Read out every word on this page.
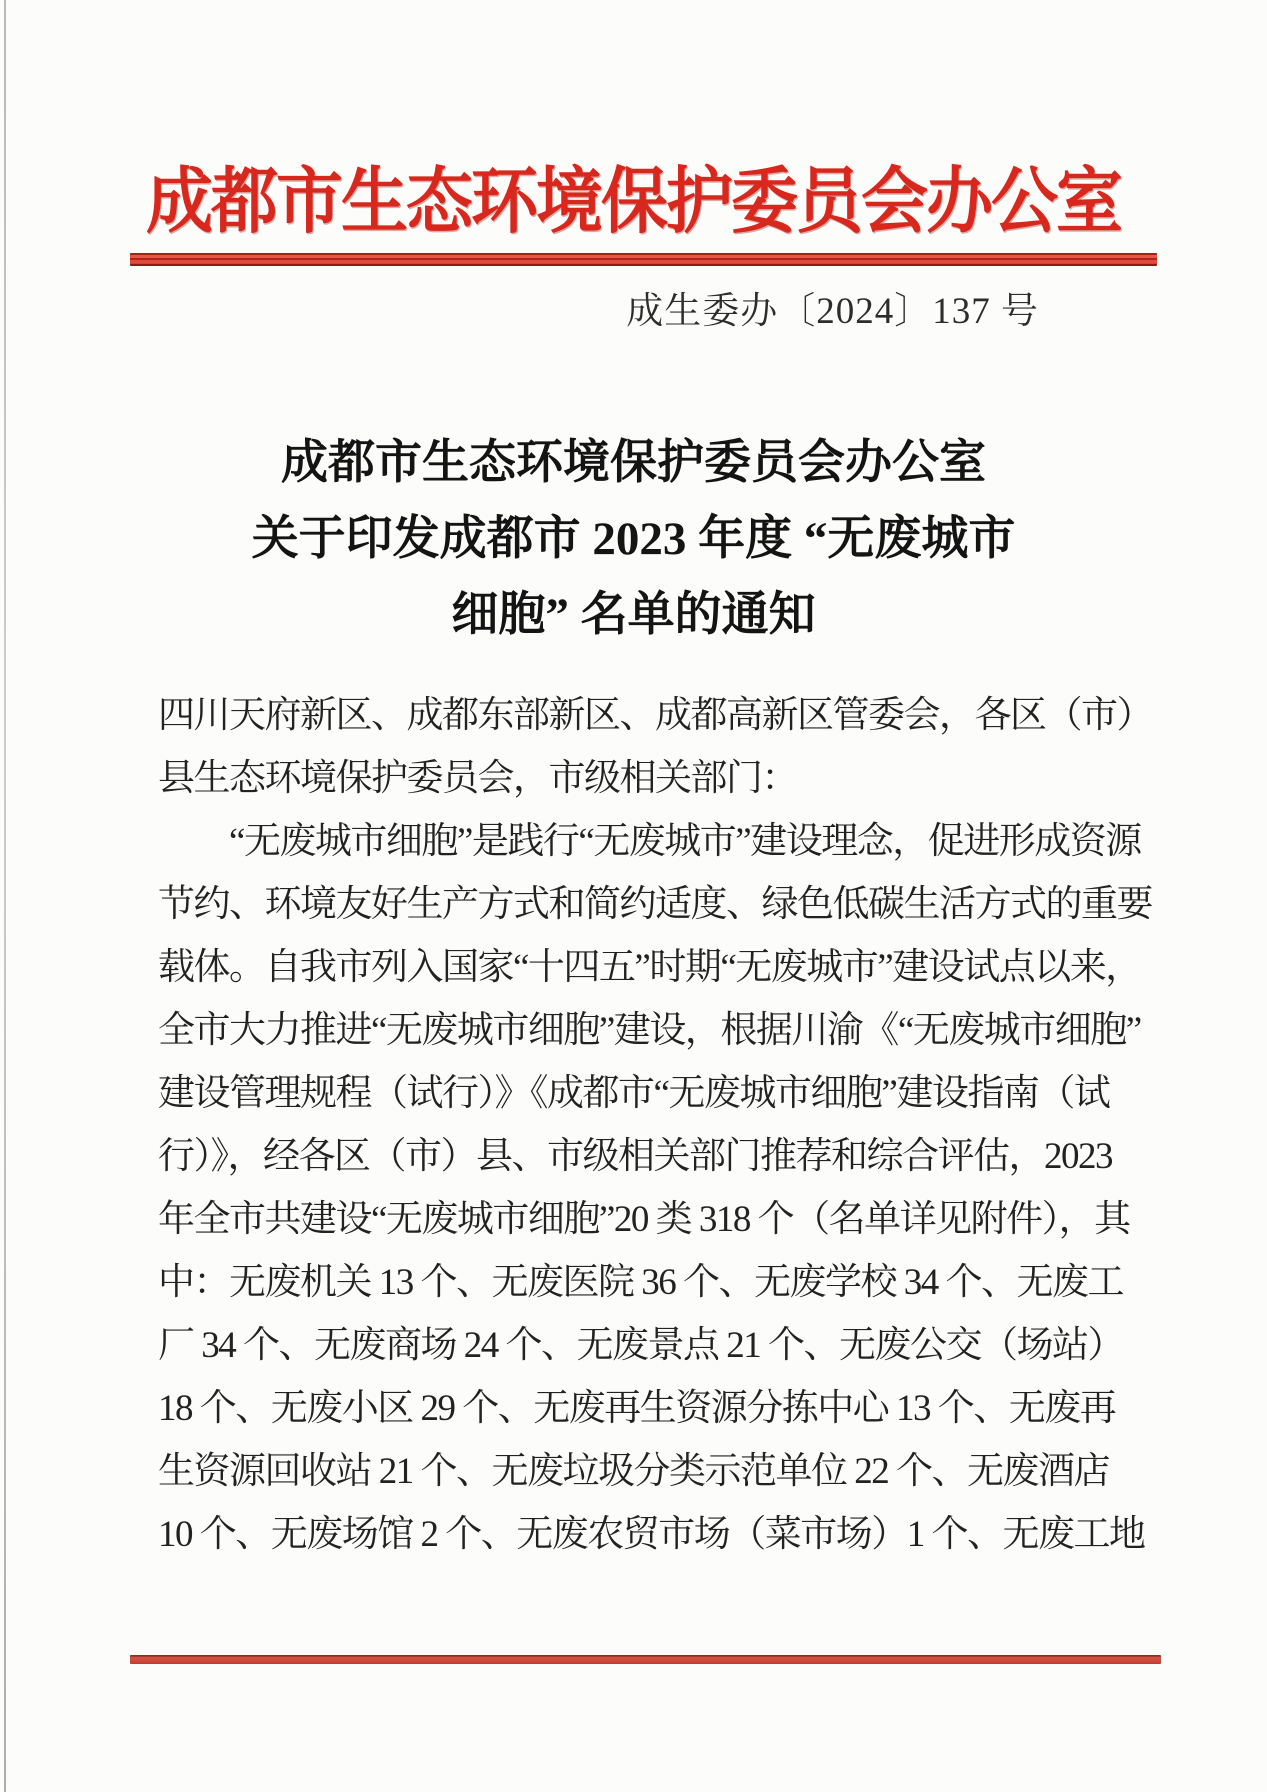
成都市生态环境保护委员会办公室
成生委办〔2024〕137 号
成都市生态环境保护委员会办公室
关于印发成都市 2023 年度 “无废城市
细胞” 名单的通知
四川天府新区、成都东部新区、成都高新区管委会，各区（市）
县生态环境保护委员会，市级相关部门：
　　“无废城市细胞”是践行“无废城市”建设理念，促进形成资源
节约、环境友好生产方式和简约适度、绿色低碳生活方式的重要
载体。自我市列入国家“十四五”时期“无废城市”建设试点以来，
全市大力推进“无废城市细胞”建设，根据川渝《“无废城市细胞”
建设管理规程（试行）》《成都市“无废城市细胞”建设指南（试
行）》，经各区（市）县、市级相关部门推荐和综合评估，2023
年全市共建设“无废城市细胞”20 类 318 个（名单详见附件），其
中：无废机关 13 个、无废医院 36 个、无废学校 34 个、无废工
厂 34 个、无废商场 24 个、无废景点 21 个、无废公交（场站）
18 个、无废小区 29 个、无废再生资源分拣中心 13 个、无废再
生资源回收站 21 个、无废垃圾分类示范单位 22 个、无废酒店
10 个、无废场馆 2 个、无废农贸市场（菜市场）1 个、无废工地
